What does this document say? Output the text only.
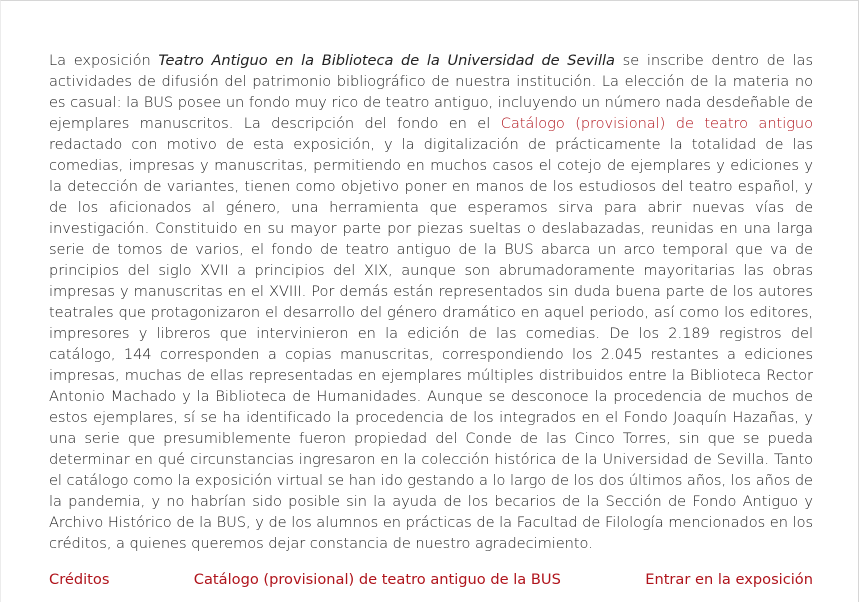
La exposición Teatro Antiguo en la Biblioteca de la Universidad de Sevilla se inscribe dentro de las actividades de difusión del patrimonio bibliográfico de nuestra institución. La elección de la materia no es casual: la BUS posee un fondo muy rico de teatro antiguo, incluyendo un número nada desdeñable de ejemplares manuscritos. La descripción del fondo en el Catálogo (provisional) de teatro antiguo redactado con motivo de esta exposición, y la digitalización de prácticamente la totalidad de las comedias, impresas y manuscritas, permitiendo en muchos casos el cotejo de ejemplares y ediciones y la detección de variantes, tienen como objetivo poner en manos de los estudiosos del teatro español, y de los aficionados al género, una herramienta que esperamos sirva para abrir nuevas vías de investigación. Constituido en su mayor parte por piezas sueltas o deslabazadas, reunidas en una larga serie de tomos de varios, el fondo de teatro antiguo de la BUS abarca un arco temporal que va de principios del siglo XVII a principios del XIX, aunque son abrumadoramente mayoritarias las obras impresas y manuscritas en el XVIII. Por demás están representados sin duda buena parte de los autores teatrales que protagonizaron el desarrollo del género dramático en aquel periodo, así como los editores, impresores y libreros que intervinieron en la edición de las comedias. De los 2.189 registros del catálogo, 144 corresponden a copias manuscritas, correspondiendo los 2.045 restantes a ediciones impresas, muchas de ellas representadas en ejemplares múltiples distribuidos entre la Biblioteca Rector Antonio Machado y la Biblioteca de Humanidades. Aunque se desconoce la procedencia de muchos de estos ejemplares, sí se ha identificado la procedencia de los integrados en el Fondo Joaquín Hazañas, y una serie que presumiblemente fueron propiedad del Conde de las Cinco Torres, sin que se pueda determinar en qué circunstancias ingresaron en la colección histórica de la Universidad de Sevilla. Tanto el catálogo como la exposición virtual se han ido gestando a lo largo de los dos últimos años, los años de la pandemia, y no habrían sido posible sin la ayuda de los becarios de la Sección de Fondo Antiguo y Archivo Histórico de la BUS, y de los alumnos en prácticas de la Facultad de Filología mencionados en los créditos, a quienes queremos dejar constancia de nuestro agradecimiento.

Créditos	Catálogo (provisional) de teatro antiguo de la BUS	Entrar en la exposición
